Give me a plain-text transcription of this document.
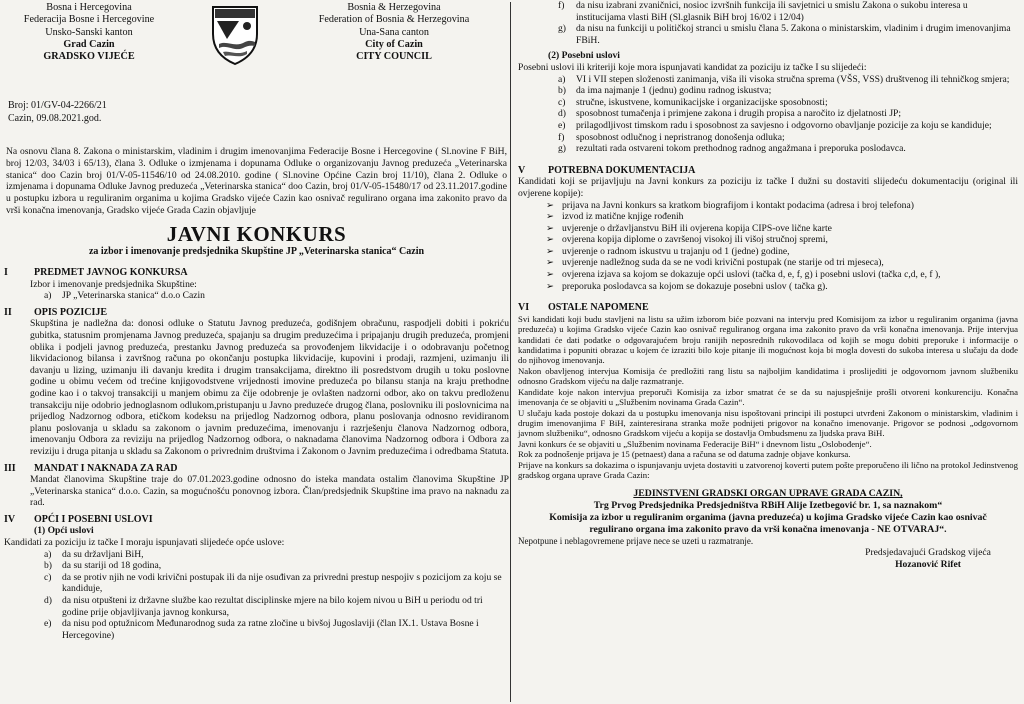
Bosna i Hercegovina
Federacija Bosne i Hercegovine
Unsko-Sanski kanton
Grad Cazin
GRADSKO VIJEĆE
Bosnia & Herzegovina
Federation of Bosnia & Herzegovina
Una-Sana canton
City of Cazin
CITY COUNCIL
Broj: 01/GV-04-2266/21
Cazin, 09.08.2021.god.
Na osnovu člana 8. Zakona o ministarskim, vladinim i drugim imenovanjima Federacije Bosne i Hercegovine ( Sl.novine F BiH, broj 12/03, 34/03 i 65/13), člana 3. Odluke o izmjenama i dopunama Odluke o organizovanju Javnog preduzeća „Veterinarska stanica“ doo Cazin broj 01/V-05-11546/10 od 24.08.2010. godine ( Sl.novine Općine Cazin broj 11/10), člana 2. Odluke o izmjenama i dopunama Odluke Javnog preduzeća „Veterinarska stanica“ doo Cazin, broj 01/V-05-15480/17 od 23.11.2017.godine u postupku izbora u reguliranim organima u kojima Gradsko vijeće Cazin kao osnivač regulirano organa ima zakonito pravo da vrši konačna imenovanja, Gradsko vijeće Grada Cazin objavljuje
JAVNI KONKURS
za izbor i imenovanje predsjednika Skupštine JP „Veterinarska stanica“ Cazin
I	PREDMET JAVNOG KONKURSA
Izbor i imenovanje predsjednika Skupštine:
a)	JP „Veterinarska stanica“ d.o.o Cazin
II	OPIS POZICIJE
Skupština je nadležna da: donosi odluke o Statutu Javnog preduzeća, godišnjem obračunu, raspodjeli dobiti i pokriću gubitka, statusnim promjenama Javnog preduzeća, spajanju sa drugim preduzećima i pripajanju drugih preduzeća, promjeni oblika i podjeli javnog preduzeća, prestanku Javnog preduzeća sa provođenjem likvidacije i o odobravanju početnog likvidacionog bilansa i završnog računa po okončanju postupka likvidacije, kupovini i prodaji, razmjeni, uzimanju ili davanju u lizing, uzimanju ili davanju kredita i drugim transakcijama, direktno ili posredstvom drugih u toku poslovne godine u obimu većem od trećine knjigovodstvene vrijednosti imovine preduzeća po bilansu stanja na kraju prethodne godine kao i o takvoj transakciji u manjem obimu za čije odobrenje je ovlašten nadzorni odbor, ako on takvu predloženu transakciju nije odobrio jednoglasnom odlukom,pristupanju u Javno preduzeće drugog člana, poslovniku ili poslovnicima na prijedlog Nadzornog odbora, etičkom kodeksu na prijedlog Nadzornog odbora, planu poslovanja odnosno revidiranom planu poslovanja u skladu sa zakonom o javnim preduzećima, imenovanju i razrješenju članova Nadzornog odbora, imenovanju Odbora za reviziju na prijedlog Nadzornog odbora, o naknadama članovima Nadzornog odbora i Odbora za reviziju i druga pitanja u skladu sa Zakonom o privrednim društvima i Zakonom o Javnim preduzećima i odredbama Statuta.
III	MANDAT I NAKNADA ZA RAD
Mandat članovima Skupštine traje do 07.01.2023.godine odnosno do isteka mandata ostalim članovima Skupštine JP „Veterinarska stanica“ d.o.o. Cazin, sa mogućnošću ponovnog izbora. Član/predsjednik Skupštine ima pravo na naknadu za rad.
IV	OPĆI I POSEBNI USLOVI
(1) Opći uslovi
Kandidati za poziciju iz tačke I moraju ispunjavati slijedeće opće uslove:
a)	da su državljani BiH,
b)	da su stariji od 18 godina,
c)	da se protiv njih ne vodi krivični postupak ili da nije osuđivan za privredni prestup nespojiv s pozicijom za koju se kandiduje,
d)	da nisu otpušteni iz državne službe kao rezultat disciplinske mjere na bilo kojem nivou u BiH u periodu od tri godine prije objavljivanja javnog konkursa,
e)	da nisu pod optužnicom Međunarodnog suda za ratne zločine u bivšoj Jugoslaviji (član IX.1. Ustava Bosne i Hercegovine)
f)	da nisu izabrani zvaničnici, nosioc izvršnih funkcija ili savjetnici u smislu Zakona o sukobu interesa u institucijama vlasti BiH (Sl.glasnik BiH broj 16/02 i 12/04)
g)	da nisu na funkciji u političkoj stranci u smislu člana 5. Zakona o ministarskim, vladinim i drugim imenovanjima FBiH.
(2) Posebni uslovi
Posebni uslovi ili kriteriji koje mora ispunjavati kandidat za poziciju iz tačke I su slijedeći:
a)	VI i VII stepen složenosti zanimanja, viša ili visoka stručna sprema (VŠS, VSS) društvenog ili tehničkog smjera;
b)	da ima najmanje 1 (jednu) godinu radnog iskustva;
c)	stručne, iskustvene, komunikacijske i organizacijske sposobnosti;
d)	sposobnost tumačenja i primjene zakona i drugih propisa a naročito iz djelatnosti JP;
e)	prilagodljivost timskom radu i sposobnost za savjesno i odgovorno obavljanje pozicije za koju se kandiduje;
f)	sposobnost odlučnog i nepristranog donošenja odluka;
g)	rezultati rada ostvareni tokom prethodnog radnog angažmana i preporuka poslodavca.
V	POTREBNA DOKUMENTACIJA
Kandidati koji se prijavljuju na Javni konkurs za poziciju iz tačke I dužni su dostaviti slijedeću dokumentaciju (original ili ovjerene kopije):
➢ prijava na Javni konkurs sa kratkom biografijom i kontakt podacima (adresa i broj telefona)
➢ izvod iz matične knjige rođenih
➢ uvjerenje o državljanstvu BiH ili ovjerena kopija CIPS-ove lične karte
➢ ovjerena kopija diplome o završenoj visokoj ili višoj stručnoj spremi,
➢ uvjerenje o radnom iskustvu u trajanju od 1 (jedne) godine,
➢ uvjerenje nadležnog suda da se ne vodi krivični postupak (ne starije od tri mjeseca),
➢ ovjerena izjava sa kojom se dokazuje opći uslovi (tačka d, e, f, g) i posebni uslovi (tačka c,d, e, f ),
➢ preporuka poslodavca sa kojom se dokazuje posebni uslov ( tačka g).
VI	OSTALE NAPOMENE
Svi kandidati koji budu stavljeni na listu sa užim izborom biće pozvani na intervju pred Komisijom za izbor u reguliranim organima (javna preduzeća) u kojima Gradsko vijeće Cazin kao osnivač reguliranog organa ima zakonito pravo da vrši konačna imenovanja. Prije intervjua kandidati će dati podatke o odgovarajućem broju ranijih neposrednih rukovodilaca od kojih se mogu dobiti preporuke i informacije o kandidatima i popuniti obrazac u kojem će izraziti bilo koje pitanje ili mogućnost koja bi mogla dovesti do sukoba interesa u slučaju da dođe do njihovog imenovanja.
Nakon obavljenog intervjua Komisija će predložiti rang listu sa najboljim kandidatima i proslijediti je odgovornom javnom službeniku odnosno Gradskom vijeću na dalje razmatranje.
Kandidate koje nakon intervjua preporuči Komisija za izbor smatrat će se da su najuspješnije prošli otvoreni konkurenciju. Konačna imenovanja će se objaviti u „Službenim novinama Grada Cazin“.
U slučaju kada postoje dokazi da u postupku imenovanja nisu ispoštovani principi ili postupci utvrđeni Zakonom o ministarskim, vladinim i drugim imenovanjima F BiH, zainteresirana stranka može podnijeti prigovor na konačno imenovanje. Prigovor se podnosi „odgovornom javnom službeniku“, odnosno Gradskom vijeću a kopija se dostavlja Ombudsmenu za ljudska prava BiH.
Javni konkurs će se objaviti u „Službenim novinama Federacije BiH“ i dnevnom listu „Oslobođenje“.
Rok za podnošenje prijava je 15 (petnaest) dana a računa se od datuma zadnje objave konkursa.
Prijave na konkurs sa dokazima o ispunjavanju uvjeta dostaviti u zatvorenoj koverti putem pošte preporučeno ili lično na protokol Jedinstvenog gradskog organa uprave Grada Cazin:
JEDINSTVENI GRADSKI ORGAN UPRAVE GRADA CAZIN,
Trg Prvog Predsjednika Predsjedništva RBiH Alije Izetbegović br. 1, sa naznakom“
Komisija za izbor u reguliranim organima (javna preduzeća) u kojima Gradsko vijeće Cazin kao osnivač
regulirano organa ima zakonito pravo da vrši konačna imenovanja - NE OTVARAJ“.
Nepotpune i neblagovremene prijave nece se uzeti u razmatranje.
Predsjedavajući Gradskog vijeća
Hozanović Rifet
